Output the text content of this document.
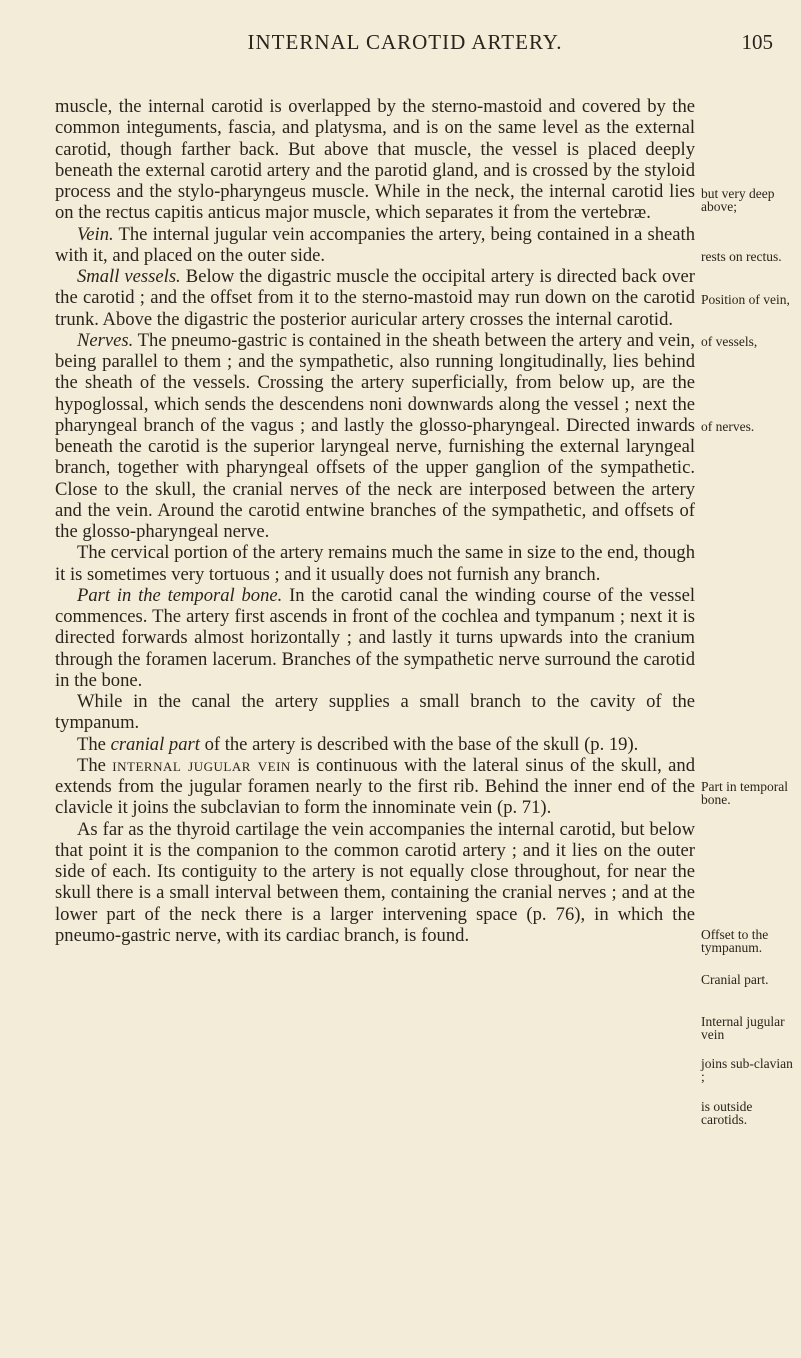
INTERNAL CAROTID ARTERY.	105

muscle, the internal carotid is overlapped by the sterno-mastoid and covered by the common integuments, fascia, and platysma, and is on the same level as the external carotid, though farther back. But above that muscle, the vessel is placed deeply beneath the external carotid artery and the parotid gland, and is crossed by the styloid process and the stylo-pharyngeus muscle. While in the neck, the internal carotid lies on the rectus capitis anticus major muscle, which separates it from the vertebræ.

Vein. The internal jugular vein accompanies the artery, being contained in a sheath with it, and placed on the outer side.

Small vessels. Below the digastric muscle the occipital artery is directed back over the carotid ; and the offset from it to the sterno-mastoid may run down on the carotid trunk. Above the digastric the posterior auricular artery crosses the internal carotid.

Nerves. The pneumo-gastric is contained in the sheath between the artery and vein, being parallel to them ; and the sympathetic, also running longitudinally, lies behind the sheath of the vessels. Crossing the artery superficially, from below up, are the hypoglossal, which sends the descendens noni downwards along the vessel ; next the pharyngeal branch of the vagus ; and lastly the glosso-pharyngeal. Directed inwards beneath the carotid is the superior laryngeal nerve, furnishing the external laryngeal branch, together with pharyngeal offsets of the upper ganglion of the sympathetic. Close to the skull, the cranial nerves of the neck are interposed between the artery and the vein. Around the carotid entwine branches of the sympathetic, and offsets of the glosso-pharyngeal nerve.

The cervical portion of the artery remains much the same in size to the end, though it is sometimes very tortuous ; and it usually does not furnish any branch.

Part in the temporal bone. In the carotid canal the winding course of the vessel commences. The artery first ascends in front of the cochlea and tympanum ; next it is directed forwards almost horizontally ; and lastly it turns upwards into the cranium through the foramen lacerum. Branches of the sympathetic nerve surround the carotid in the bone.

While in the canal the artery supplies a small branch to the cavity of the tympanum.

The cranial part of the artery is described with the base of the skull (p. 19).

The internal jugular vein is continuous with the lateral sinus of the skull, and extends from the jugular foramen nearly to the first rib. Behind the inner end of the clavicle it joins the subclavian to form the innominate vein (p. 71).

As far as the thyroid cartilage the vein accompanies the internal carotid, but below that point it is the companion to the common carotid artery ; and it lies on the outer side of each. Its contiguity to the artery is not equally close throughout, for near the skull there is a small interval between them, containing the cranial nerves ; and at the lower part of the neck there is a larger intervening space (p. 76), in which the pneumo-gastric nerve, with its cardiac branch, is found.

but very deep above;
rests on rectus.
Position of vein,
of vessels,
of nerves.
Part in temporal bone.
Offset to the tympanum.
Cranial part.
Internal jugular vein
joins sub-clavian ;
is outside carotids.
